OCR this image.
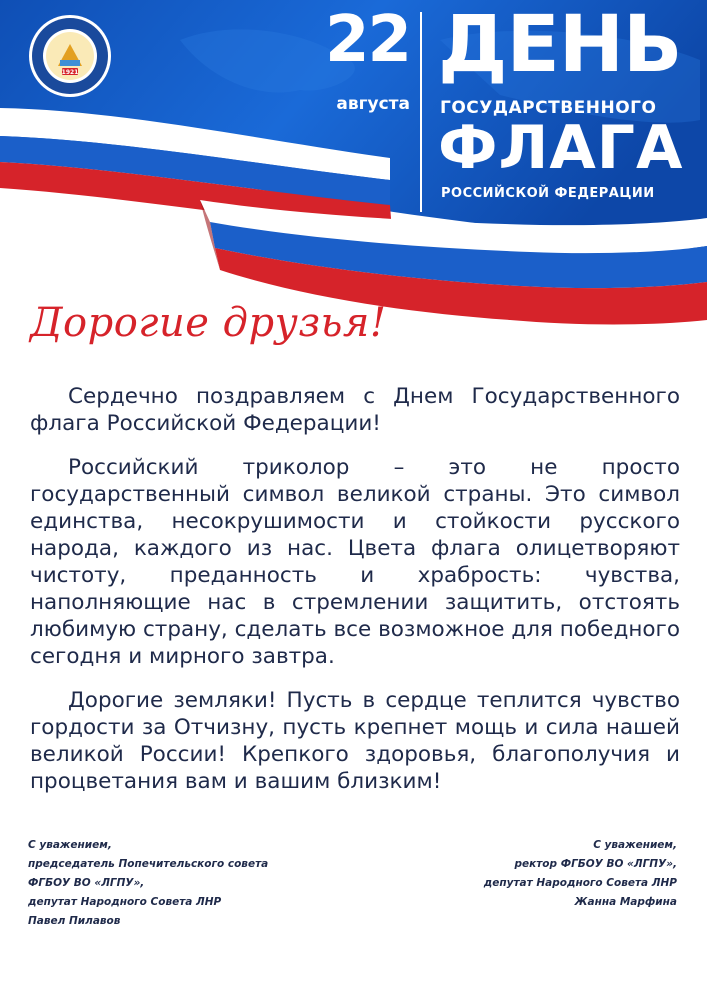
1921	22
августа
ДЕНЬ
ГОСУДАРСТВЕННОГО
ФЛАГА
РОССИЙСКОЙ ФЕДЕРАЦИИ
Дорогие друзья!

Сердечно поздравляем с Днем Государственного флага Российской Федерации!

Российский триколор – это не просто государственный символ великой страны. Это символ единства, несокрушимости и стойкости русского народа, каждого из нас. Цвета флага олицетворяют чистоту, преданность и храбрость: чувства, наполняющие нас в стремлении защитить, отстоять любимую страну, сделать все возможное для победного сегодня и мирного завтра.

Дорогие земляки! Пусть в сердце теплится чувство гордости за Отчизну, пусть крепнет мощь и сила нашей великой России! Крепкого здоровья, благополучия и процветания вам и вашим близким!

С уважением,
председатель Попечительского совета
ФГБОУ ВО «ЛГПУ»,
депутат Народного Совета ЛНР
Павел Пилавов
С уважением,
ректор ФГБОУ ВО «ЛГПУ»,
депутат Народного Совета ЛНР
Жанна Марфина
